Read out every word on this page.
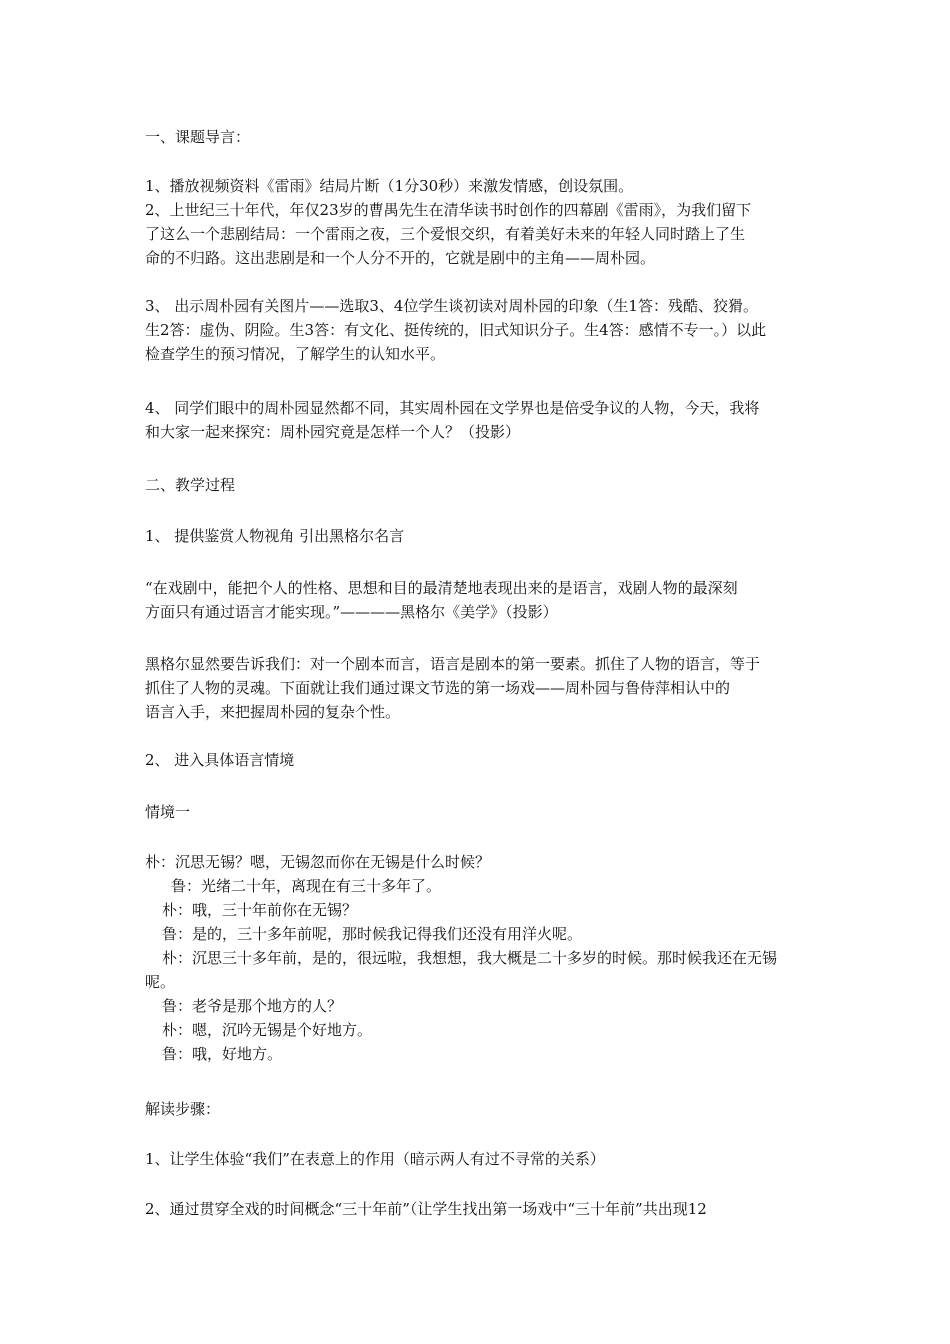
一、课题导言：
1、播放视频资料《雷雨》结局片断（1分30秒）来激发情感，创设氛围。
2、上世纪三十年代，年仅23岁的曹禺先生在清华读书时创作的四幕剧《雷雨》，为我们留下
了这么一个悲剧结局：一个雷雨之夜，三个爱恨交织，有着美好未来的年轻人同时踏上了生
命的不归路。这出悲剧是和一个人分不开的，它就是剧中的主角——周朴园。
3、 出示周朴园有关图片——选取3、4位学生谈初读对周朴园的印象（生1答：残酷、狡猾。
生2答：虚伪、阴险。生3答：有文化、挺传统的，旧式知识分子。生4答：感情不专一。）以此
检查学生的预习情况，了解学生的认知水平。
4、 同学们眼中的周朴园显然都不同，其实周朴园在文学界也是倍受争议的人物，今天，我将
和大家一起来探究：周朴园究竟是怎样一个人？（投影）
二、教学过程
1、 提供鉴赏人物视角 引出黑格尔名言
“在戏剧中，能把个人的性格、思想和目的最清楚地表现出来的是语言，戏剧人物的最深刻
方面只有通过语言才能实现。”————黑格尔《美学》（投影）
黑格尔显然要告诉我们：对一个剧本而言，语言是剧本的第一要素。抓住了人物的语言，等于
抓住了人物的灵魂。下面就让我们通过课文节选的第一场戏——周朴园与鲁侍萍相认中的
语言入手，来把握周朴园的复杂个性。
2、 进入具体语言情境
情境一
朴：沉思无锡？嗯，无锡忽而你在无锡是什么时候？
鲁：光绪二十年，离现在有三十多年了。
朴：哦，三十年前你在无锡？
鲁：是的，三十多年前呢，那时候我记得我们还没有用洋火呢。
朴：沉思三十多年前，是的，很远啦，我想想，我大概是二十多岁的时候。那时候我还在无锡
呢。
鲁：老爷是那个地方的人？
朴：嗯，沉吟无锡是个好地方。
鲁：哦，好地方。
解读步骤：
1、让学生体验“我们”在表意上的作用（暗示两人有过不寻常的关系）
2、通过贯穿全戏的时间概念“三十年前”（让学生找出第一场戏中“三十年前”共出现12
